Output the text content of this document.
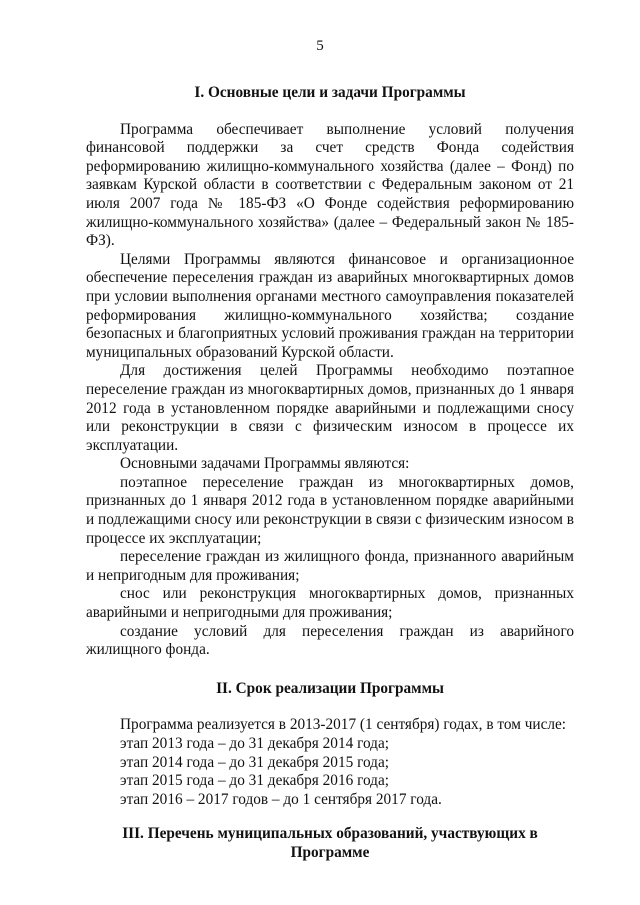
5
I. Основные цели и задачи Программы

Программа обеспечивает выполнение условий получения финансовой поддержки за счет средств Фонда содействия реформированию жилищно-коммунального хозяйства (далее – Фонд) по заявкам Курской области в соответствии с Федеральным законом от 21 июля 2007 года № 185-ФЗ «О Фонде содействия реформированию жилищно-коммунального хозяйства» (далее – Федеральный закон № 185-ФЗ).

Целями Программы являются финансовое и организационное обеспечение переселения граждан из аварийных многоквартирных домов при условии выполнения органами местного самоуправления показателей реформирования жилищно-коммунального хозяйства; создание безопасных и благоприятных условий проживания граждан на территории муниципальных образований Курской области.

Для достижения целей Программы необходимо поэтапное переселение граждан из многоквартирных домов, признанных до 1 января 2012 года в установленном порядке аварийными и подлежащими сносу или реконструкции в связи с физическим износом в процессе их эксплуатации.

Основными задачами Программы являются:

поэтапное переселение граждан из многоквартирных домов, признанных до 1 января 2012 года в установленном порядке аварийными и подлежащими сносу или реконструкции в связи с физическим износом в процессе их эксплуатации;

переселение граждан из жилищного фонда, признанного аварийным и непригодным для проживания;

снос или реконструкция многоквартирных домов, признанных аварийными и непригодными для проживания;

создание условий для переселения граждан из аварийного жилищного фонда.

II. Срок реализации Программы

Программа реализуется в 2013-2017 (1 сентября) годах, в том числе:

этап 2013 года – до 31 декабря 2014 года;

этап 2014 года – до 31 декабря 2015 года;

этап 2015 года – до 31 декабря 2016 года;

этап 2016 – 2017 годов – до 1 сентября 2017 года.

III. Перечень муниципальных образований, участвующих в
Программе
